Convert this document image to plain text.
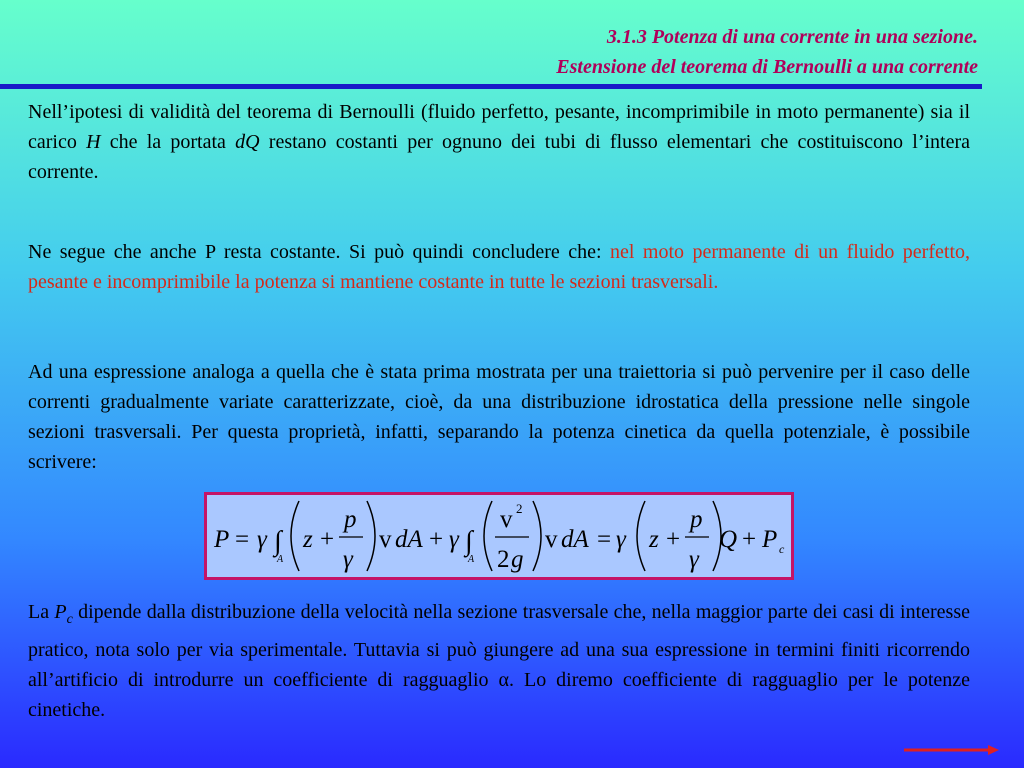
3.1.3 Potenza di una corrente in una sezione.
Estensione del teorema di Bernoulli a una corrente

Nell’ipotesi di validità del teorema di Bernoulli (fluido perfetto, pesante, incomprimibile in moto permanente) sia il carico H che la portata dQ restano costanti per ognuno dei tubi di flusso elementari che costituiscono l’intera corrente.

Ne segue che anche P resta costante. Si può quindi concludere che: nel moto permanente di un fluido perfetto, pesante e incomprimibile la potenza si mantiene costante in tutte le sezioni trasversali.

Ad una espressione analoga a quella che è stata prima mostrata per una traiettoria si può pervenire per il caso delle correnti gradualmente variate caratterizzate, cioè, da una distribuzione idrostatica della pressione nelle singole sezioni trasversali. Per questa proprietà, infatti, separando la potenza cinetica da quella potenziale, è possibile scrivere:

P = γ ∫
A
z +
p
γ
v dA + γ ∫
A
v 2
2 g
v dA = γ z +
p
γ
Q + P c

La $P_c$ dipende dalla distribuzione della velocità nella sezione trasversale che, nella maggior parte dei casi di interesse pratico, nota solo per via sperimentale. Tuttavia si può giungere ad una sua espressione in termini finiti ricorrendo all’artificio di introdurre un coefficiente di ragguaglio α. Lo diremo coefficiente di ragguaglio per le potenze cinetiche.
